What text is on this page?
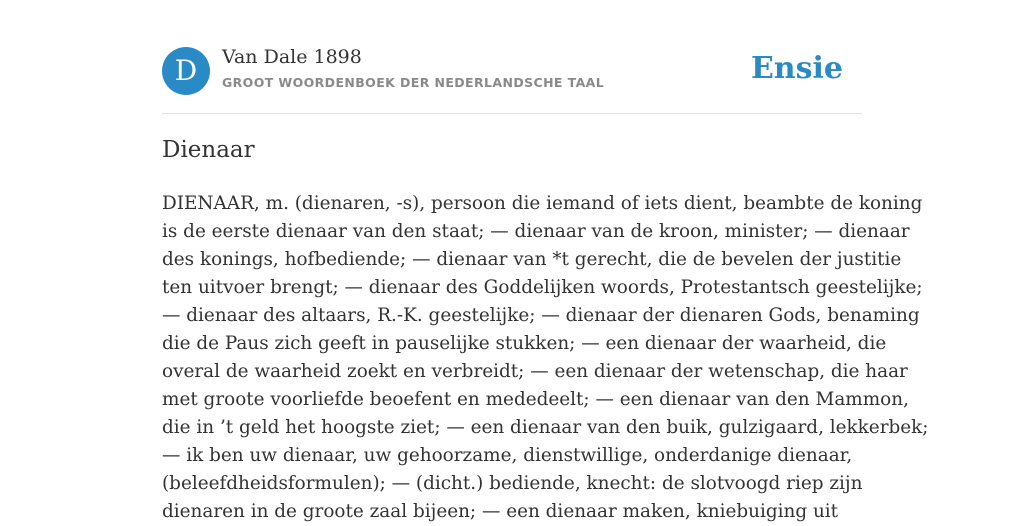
D	Van Dale 1898
GROOT WOORDENBOEK DER NEDERLANDSCHE TAAL	Ensie
Dienaar
DIENAAR, m. (dienaren, -s), persoon die iemand of iets dient, beambte de koning
is de eerste dienaar van den staat; — dienaar van de kroon, minister; — dienaar
des konings, hofbediende; — dienaar van *t gerecht, die de bevelen der justitie
ten uitvoer brengt; — dienaar des Goddelijken woords, Protestantsch geestelijke;
— dienaar des altaars, R.-K. geestelijke; — dienaar der dienaren Gods, benaming
die de Paus zich geeft in pauselijke stukken; — een dienaar der waarheid, die
overal de waarheid zoekt en verbreidt; — een dienaar der wetenschap, die haar
met groote voorliefde beoefent en mededeelt; — een dienaar van den Mammon,
die in ’t geld het hoogste ziet; — een dienaar van den buik, gulzigaard, lekkerbek;
— ik ben uw dienaar, uw gehoorzame, dienstwillige, onderdanige dienaar,
(beleefdheidsformulen); — (dicht.) bediende, knecht: de slotvoogd riep zijn
dienaren in de groote zaal bijeen; — een dienaar maken, kniebuiging uit
